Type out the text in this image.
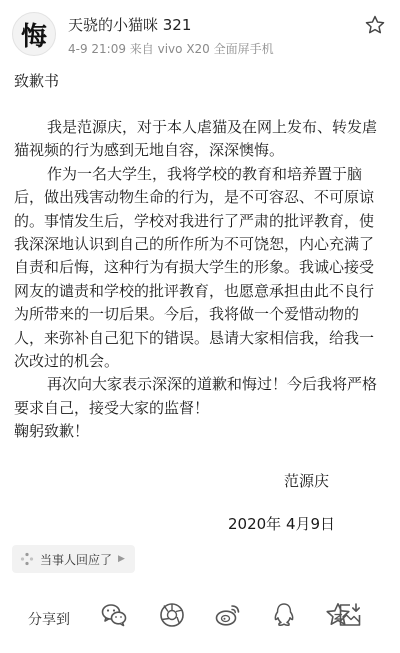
悔	天骁的小猫咪 321
4-9 21:09 来自 vivo X20 全面屏手机
致歉书

我是范源庆，对于本人虐猫及在网上发布、转发虐猫视频的行为感到无地自容，深深懊悔。

作为一名大学生，我将学校的教育和培养置于脑后，做出残害动物生命的行为，是不可容忍、不可原谅的。事情发生后，学校对我进行了严肃的批评教育，使我深深地认识到自己的所作所为不可饶恕，内心充满了自责和后悔，这种行为有损大学生的形象。我诚心接受网友的谴责和学校的批评教育，也愿意承担由此不良行为所带来的一切后果。今后，我将做一个爱惜动物的人，来弥补自己犯下的错误。恳请大家相信我，给我一次改过的机会。

再次向大家表示深深的道歉和悔过！今后我将严格要求自己，接受大家的监督！

鞠躬致歉！

范源庆
2020年 4月9日
当事人回应了 ▶
分享到
